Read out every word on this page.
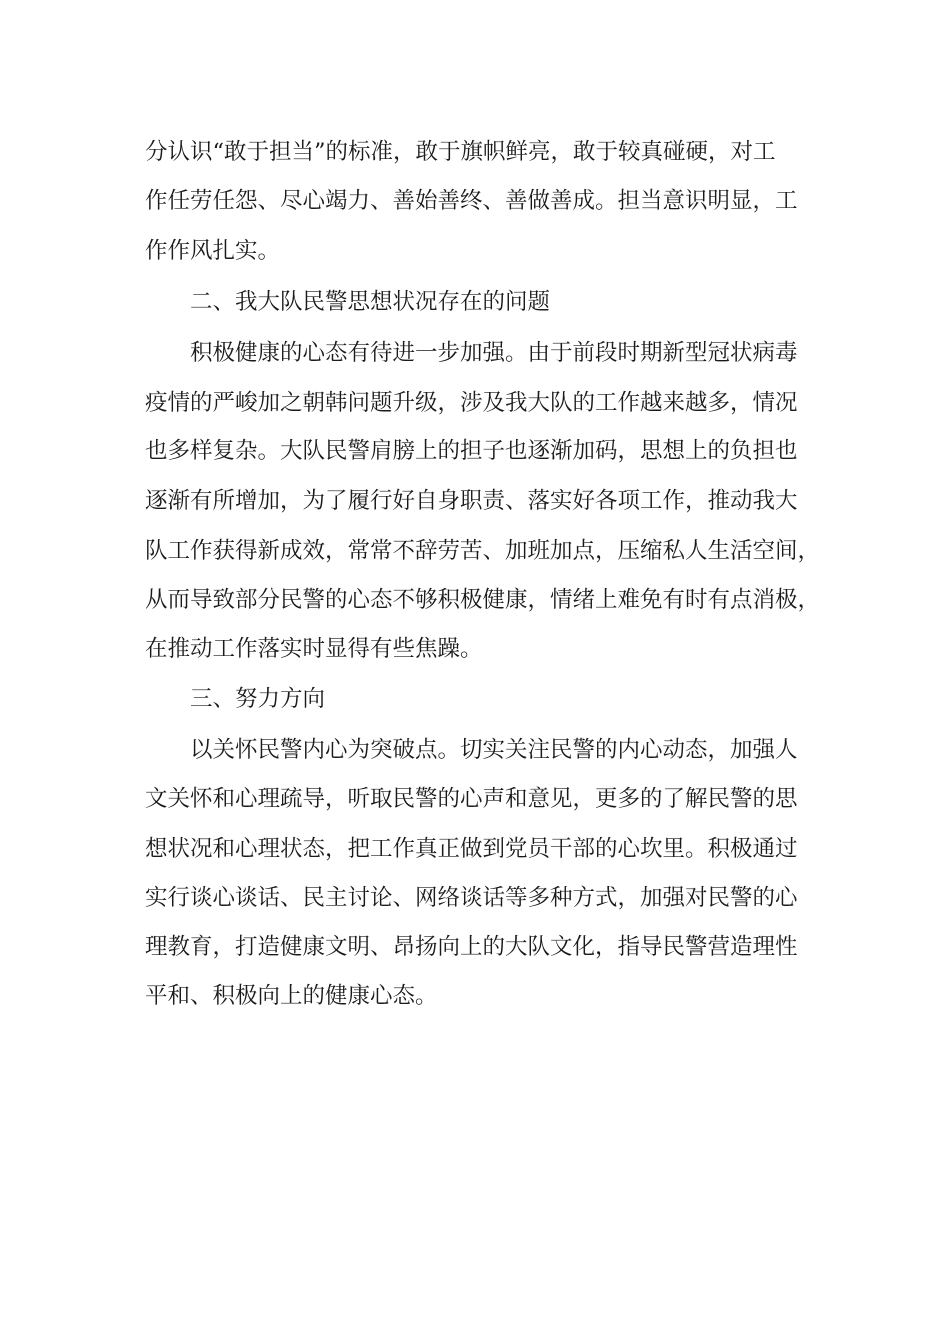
分认识“敢于担当”的标准，敢于旗帜鲜亮，敢于较真碰硬，对工
作任劳任怨、尽心竭力、善始善终、善做善成。担当意识明显，工
作作风扎实。
二、我大队民警思想状况存在的问题
积极健康的心态有待进一步加强。由于前段时期新型冠状病毒
疫情的严峻加之朝韩问题升级，涉及我大队的工作越来越多，情况
也多样复杂。大队民警肩膀上的担子也逐渐加码，思想上的负担也
逐渐有所增加，为了履行好自身职责、落实好各项工作，推动我大
队工作获得新成效，常常不辞劳苦、加班加点，压缩私人生活空间，
从而导致部分民警的心态不够积极健康，情绪上难免有时有点消极，
在推动工作落实时显得有些焦躁。
三、努力方向
以关怀民警内心为突破点。切实关注民警的内心动态，加强人
文关怀和心理疏导，听取民警的心声和意见，更多的了解民警的思
想状况和心理状态，把工作真正做到党员干部的心坎里。积极通过
实行谈心谈话、民主讨论、网络谈话等多种方式，加强对民警的心
理教育，打造健康文明、昂扬向上的大队文化，指导民警营造理性
平和、积极向上的健康心态。
